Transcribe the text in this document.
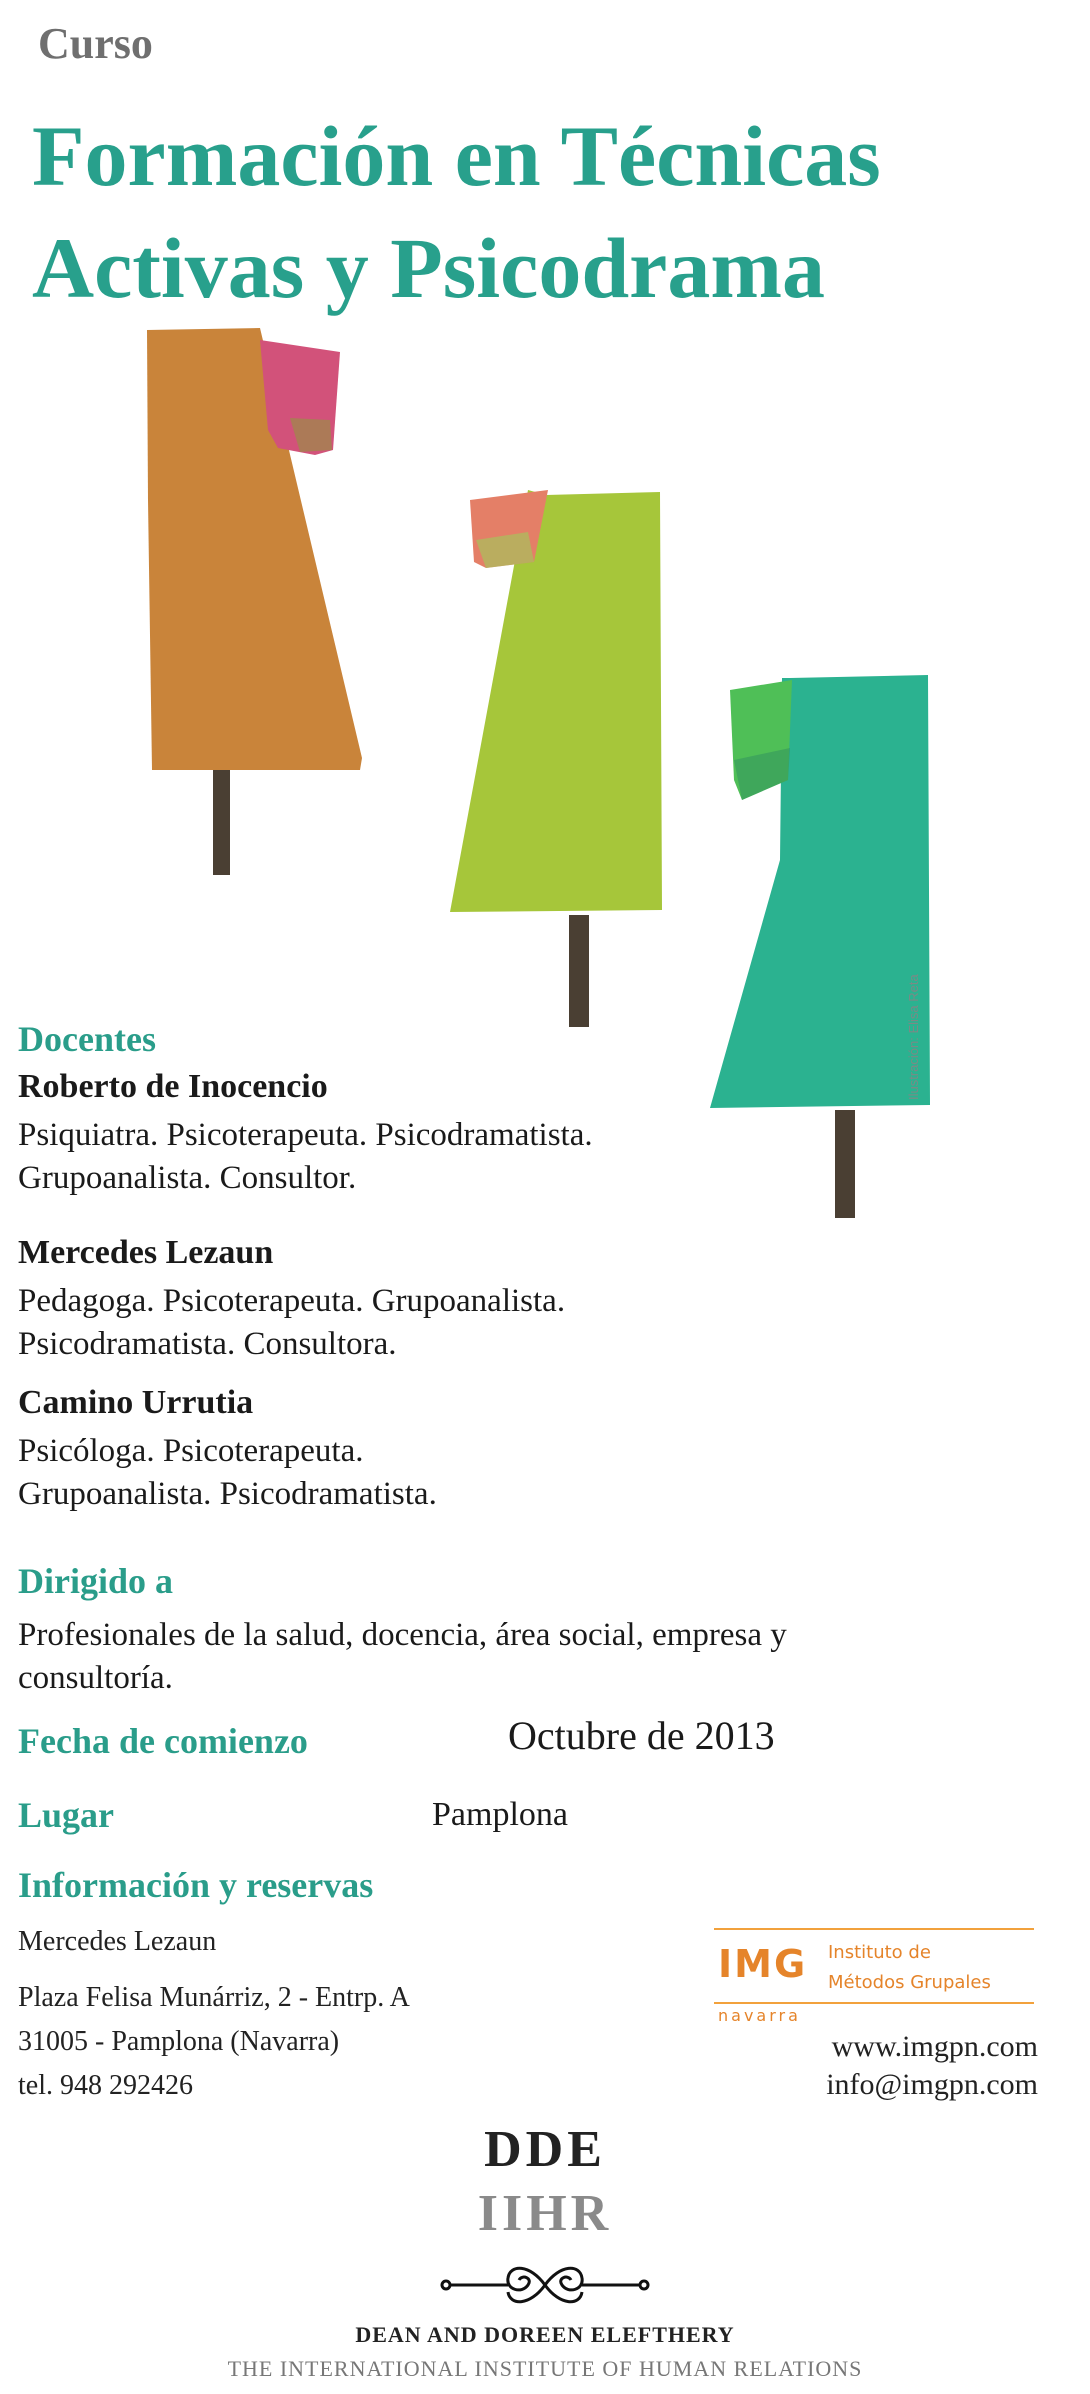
Curso
Formación en Técnicas
Activas y Psicodrama
Ilustración: Elisa Reta
Docentes
Roberto de Inocencio
Psiquiatra. Psicoterapeuta. Psicodramatista.
Grupoanalista. Consultor.
Mercedes Lezaun
Pedagoga. Psicoterapeuta. Grupoanalista.
Psicodramatista. Consultora.
Camino Urrutia
Psicóloga. Psicoterapeuta.
Grupoanalista. Psicodramatista.
Dirigido a
Profesionales de la salud, docencia, área social, empresa y
consultoría.
Fecha de comienzo	Octubre de 2013
Lugar	Pamplona
Información y reservas
Mercedes Lezaun
Plaza Felisa Munárriz, 2 - Entrp. A
31005 - Pamplona (Navarra)
tel. 948 292426
IMG Instituto de
Métodos Grupales
navarra
www.imgpn.com
info@imgpn.com
DDE
IIHR
DEAN AND DOREEN ELEFTHERY
THE INTERNATIONAL INSTITUTE OF HUMAN RELATIONS
